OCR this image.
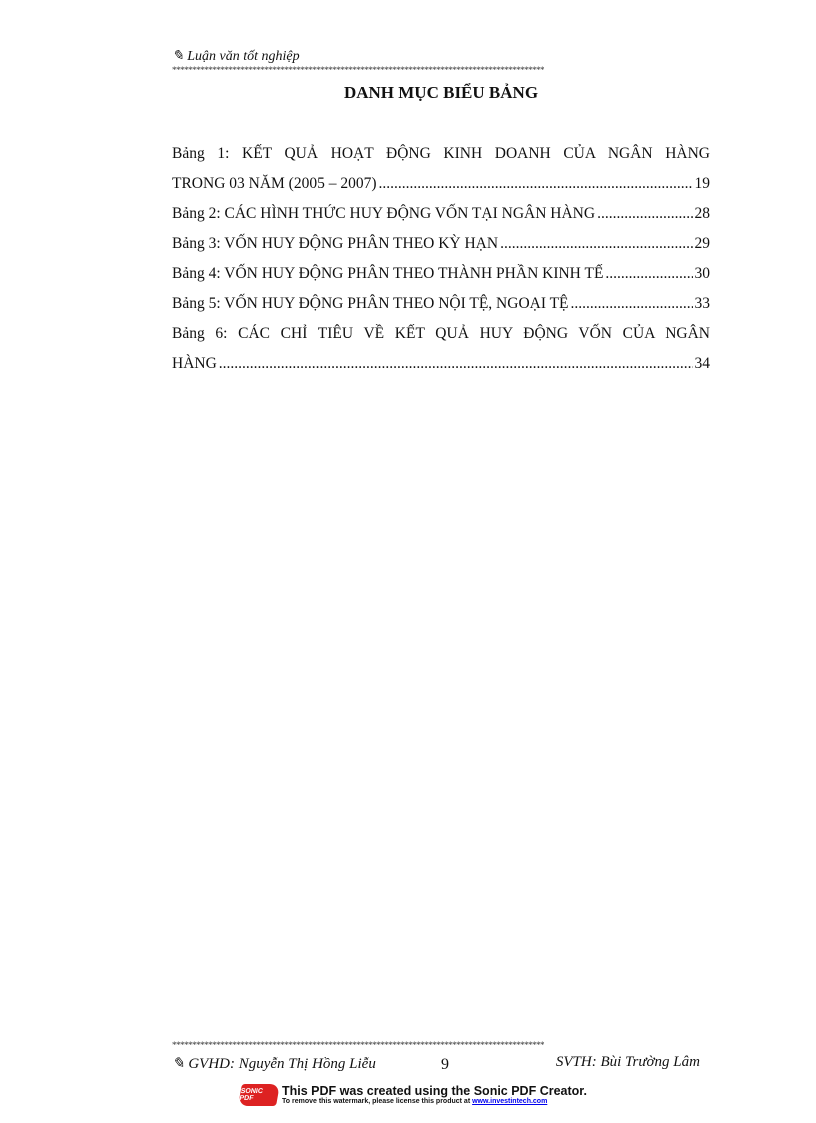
✎ Luận văn tốt nghiệp
*********************************************************************************************
DANH MỤC BIỂU BẢNG
Bảng 1: KẾT QUẢ HOẠT ĐỘNG KINH DOANH CỦA NGÂN HÀNG
TRONG 03 NĂM (2005 – 2007) .....	19
Bảng 2: CÁC HÌNH THỨC HUY ĐỘNG VỐN TẠI NGÂN HÀNG .....	28
Bảng 3: VỐN HUY ĐỘNG PHÂN THEO KỲ HẠN .....	29
Bảng 4: VỐN HUY ĐỘNG PHÂN THEO THÀNH PHẦN KINH TẾ .....	30
Bảng 5: VỐN HUY ĐỘNG PHÂN THEO NỘI TỆ, NGOẠI TỆ .....	33
Bảng 6: CÁC CHỈ TIÊU VỀ KẾT QUẢ HUY ĐỘNG VỐN CỦA NGÂN
HÀNG .....	34
*********************************************************************************************
✎ GVHD: Nguyễn Thị Hồng Liễu	9	SVTH: Bùi Trường Lâm
SONIC PDF
This PDF was created using the Sonic PDF Creator.
To remove this watermark, please license this product at www.investintech.com
